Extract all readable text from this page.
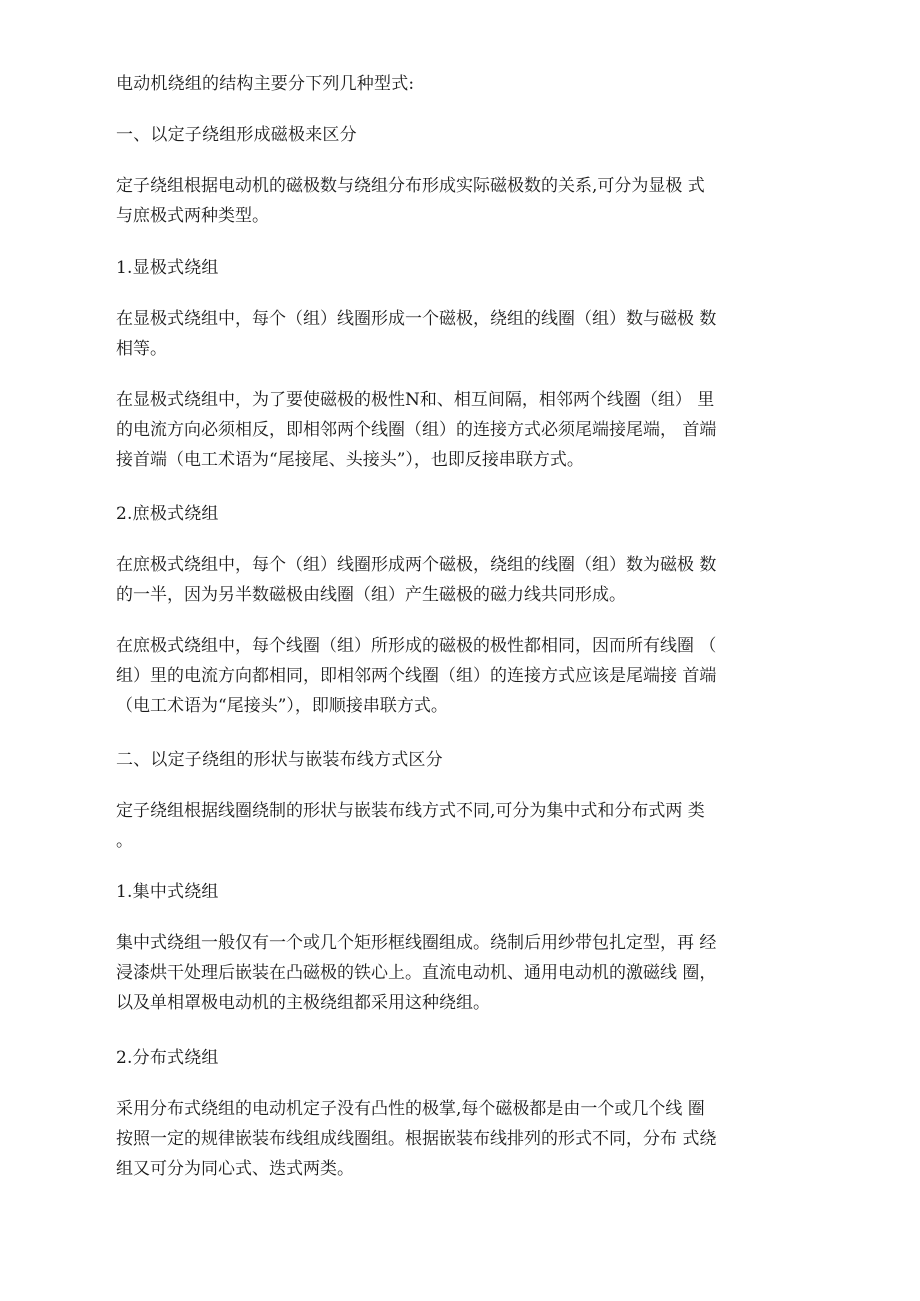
电动机绕组的结构主要分下列几种型式:

一、以定子绕组形成磁极来区分

定子绕组根据电动机的磁极数与绕组分布形成实际磁极数的关系,可分为显极 式
与庶极式两种类型。

1.显极式绕组

在显极式绕组中，每个（组）线圈形成一个磁极，绕组的线圈（组）数与磁极 数
相等。

在显极式绕组中，为了要使磁极的极性N和、相互间隔，相邻两个线圈（组） 里
的电流方向必须相反，即相邻两个线圈（组）的连接方式必须尾端接尾端， 首端
接首端（电工术语为“尾接尾、头接头”），也即反接串联方式。

2.庶极式绕组

在庶极式绕组中，每个（组）线圈形成两个磁极，绕组的线圈（组）数为磁极 数
的一半，因为另半数磁极由线圈（组）产生磁极的磁力线共同形成。

在庶极式绕组中，每个线圈（组）所形成的磁极的极性都相同，因而所有线圈 （
组）里的电流方向都相同，即相邻两个线圈（组）的连接方式应该是尾端接 首端
（电工术语为“尾接头”），即顺接串联方式。

二、以定子绕组的形状与嵌装布线方式区分

定子绕组根据线圈绕制的形状与嵌装布线方式不同,可分为集中式和分布式两 类
。

1.集中式绕组

集中式绕组一般仅有一个或几个矩形框线圈组成。绕制后用纱带包扎定型，再 经
浸漆烘干处理后嵌装在凸磁极的铁心上。直流电动机、通用电动机的激磁线 圈，
以及单相罩极电动机的主极绕组都采用这种绕组。

2.分布式绕组

采用分布式绕组的电动机定子没有凸性的极掌,每个磁极都是由一个或几个线 圈
按照一定的规律嵌装布线组成线圈组。根据嵌装布线排列的形式不同，分布 式绕
组又可分为同心式、迭式两类。
